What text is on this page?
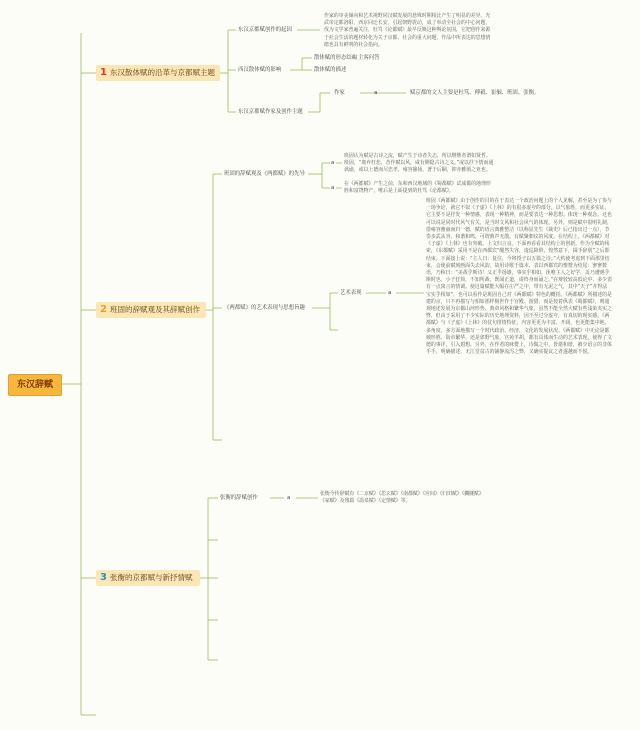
东汉辞赋
1 东汉散体赋的沿革与京都赋主题
东汉京都赋创作的起因
作家的审美倾向和艺术视野同汉赋发展的悬殊时期相比产生了明显的差异。光武帝定都洛阳，西京回迁长安，引起朝野震动，成了举动全社会的中心问题。伐为文学家普遍关注，杜笃《论都赋》最早反映这种舆论氛围，它把创作来源于社会生活的题材转化为关于京都、社会的重大问题，作品中所表达的思想情绪也具有鲜明的社会指向。
西汉散体赋的影响
散体赋的形态结构 主客问答
散体赋的描述
东汉京都赋作家及创作主题
作家	a	赋京都的文人主要是杜笃、傅毅、崔骃、班固、张衡。
2 班固的辞赋观及其辞赋创作
班固的辞赋观及《两都赋》的先导
a
班固认为赋是古诗之流，赋产生于诗者失志，所以继继者谓如贤哲。班固，“离弃枉悲，昔作赋以风，咸有侧隐古诗之义。”或以抒下情而通讽谕，或以上德而尽忠孝，雍容揄扬，著于后嗣，抑亦雅颂之亚也。
a
在《两都赋》产生之前，东和西汉地域的《蜀都赋》试成都的地理形胜和富饶物产，唯后是上面提到的杜笃《论都赋》。
《两都赋》的艺术表现与思想旨趣
艺术表现	a
班固《两都赋》由于创作的目的在于表达一个政治问题上的个人见解，甚至是为了参与一场争论，就它不似《子虚》《上林》的有很多虚夸的部分，以气象胜，而更多实证。它主要不是抒发一种情感，表现一种精神，而是要表达一种思想。体现一种观念。这也可以说是同时代风气有关，是当时文风和社会风气的体现。另外，则是赋中很明礼制，借雍容雅丽而归一德，赋的语言典雅整洁（以称显先生《箴史》后已指出过一点），节奏步武从容，和谐和鸣，可谓典声无散。有赋聚朝议的风度。在结构上，《两都赋》对《子虚》《上林》也有突破。上文归言良。下面再看看其结构上的创新。作为全赋的线索，《东都赋》采用不是在西都宾“醒然失容，逡巡降阶，惶然意下，揖手辞别”之后即结束，下面接上说：“主人曰：复位，今将授子以五篇之诗。”大约使考虑到下面那里结束，会使前赋刻画面失去风韵，故用诗歌于篇末，表以西都宾的惟赞为结尾：寥寥数语，乃称曰：“美哉乎斯诗！义正乎扬雄，事实乎相如，匪唯主人之好学，盖乃遭遇乎斯时也。小子狂简，不知所裁，既闻正道，请终身而诵之。”在辩驳较高低论中，多少表有一点寓言的情调。使这篇赋能大幅在庄严之中，带有无泥之气，其中“天子”并得法宝实乎相如”，也可以看作是班固自己对《两都赋》特色的概括。《两都赋》所描述的是建的京，只不再描写与相如那样极世作于宫殿、游猎，而是按着纵表《蜀都赋》，则通观地述发展为京都山河形势、典章风格和繁华气象，虽然不能全然大赋有些浅染夹实之弊，但由于采用了不少实际的历史地理资料，因不至过分虚夸，有真切的现实感。《两都赋》与《子虚》《上林》的仗句排情特征，内容更更为丰富、开阔，也更能集中地、多角度、多方面地描写一个时代政治、经济、文化的发展状况。《两都赋》中无论是都城形胜、街市繁华，还是郊野气象，宫苑羊胡，都有具体而生动的艺术表现，使得了文德的事详，引入遐想。另外，在作者的咏赞上，诗做之中，皆遣和谐，被少语言的非体手手，明确描述，无江堂贫古的铺静流泻之弊，又确实提议之者遂越而不悦。
3 张衡的京都赋与新抒情赋
张衡的辞赋创作	a
张衡今传辞赋有《二京赋》《思玄赋》《南都赋》《应间》《归田赋》《髑髅赋》《冢赋》及残篇《温泉赋》《定情赋》等。
